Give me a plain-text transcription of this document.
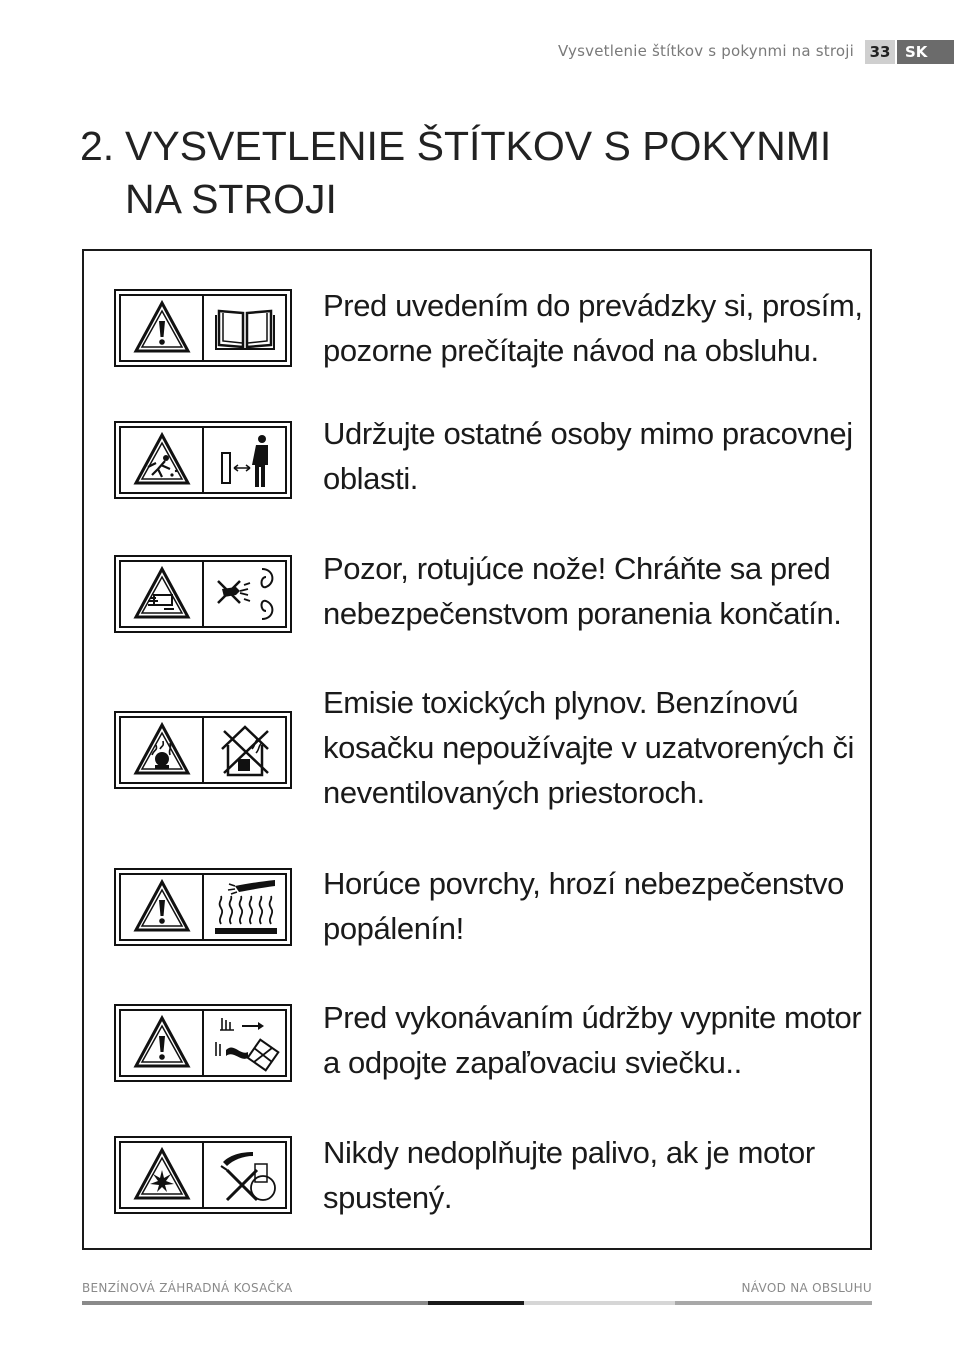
Vysvetlenie štítkov s pokynmi na stroji	33 SK
2. VYSVETLENIE ŠTÍTKOV S POKYNMI NA STROJI
Pred uvedením do prevádzky si, prosím, pozorne prečítajte návod na obsluhu.
Udržujte ostatné osoby mimo pracovnej oblasti.
Pozor, rotujúce nože! Chráňte sa pred nebezpečenstvom poranenia končatín.
Emisie toxických plynov. Benzínovú kosačku nepoužívajte v uzatvorených či neventilovaných priestoroch.
Horúce povrchy, hrozí nebezpečenstvo popálenín!
Pred vykonávaním údržby vypnite motor a odpojte zapaľovaciu sviečku..
Nikdy nedoplňujte palivo, ak je motor spustený.
BENZÍNOVÁ ZÁHRADNÁ KOSAČKA	NÁVOD NA OBSLUHU
